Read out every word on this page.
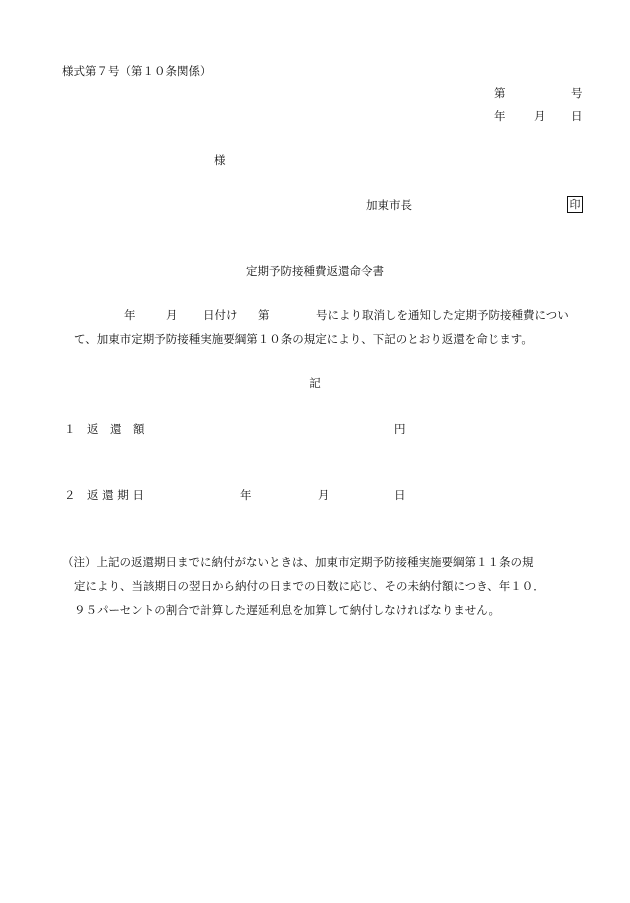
様式第７号（第１０条関係）
第	号
年 月 日
様
加東市長	印
定期予防接種費返還命令書
年	月 日付け 第	号により取消しを通知した定期予防接種費につい
て、加東市定期予防接種実施要綱第１０条の規定により、下記のとおり返還を命じます。
記
１　返　還　額	円
２　返 還 期 日	年	月	日
（注）上記の返還期日までに納付がないときは、加東市定期予防接種実施要綱第１１条の規
定により、当該期日の翌日から納付の日までの日数に応じ、その未納付額につき、年１０．
９５パーセントの割合で計算した遅延利息を加算して納付しなければなりません。
